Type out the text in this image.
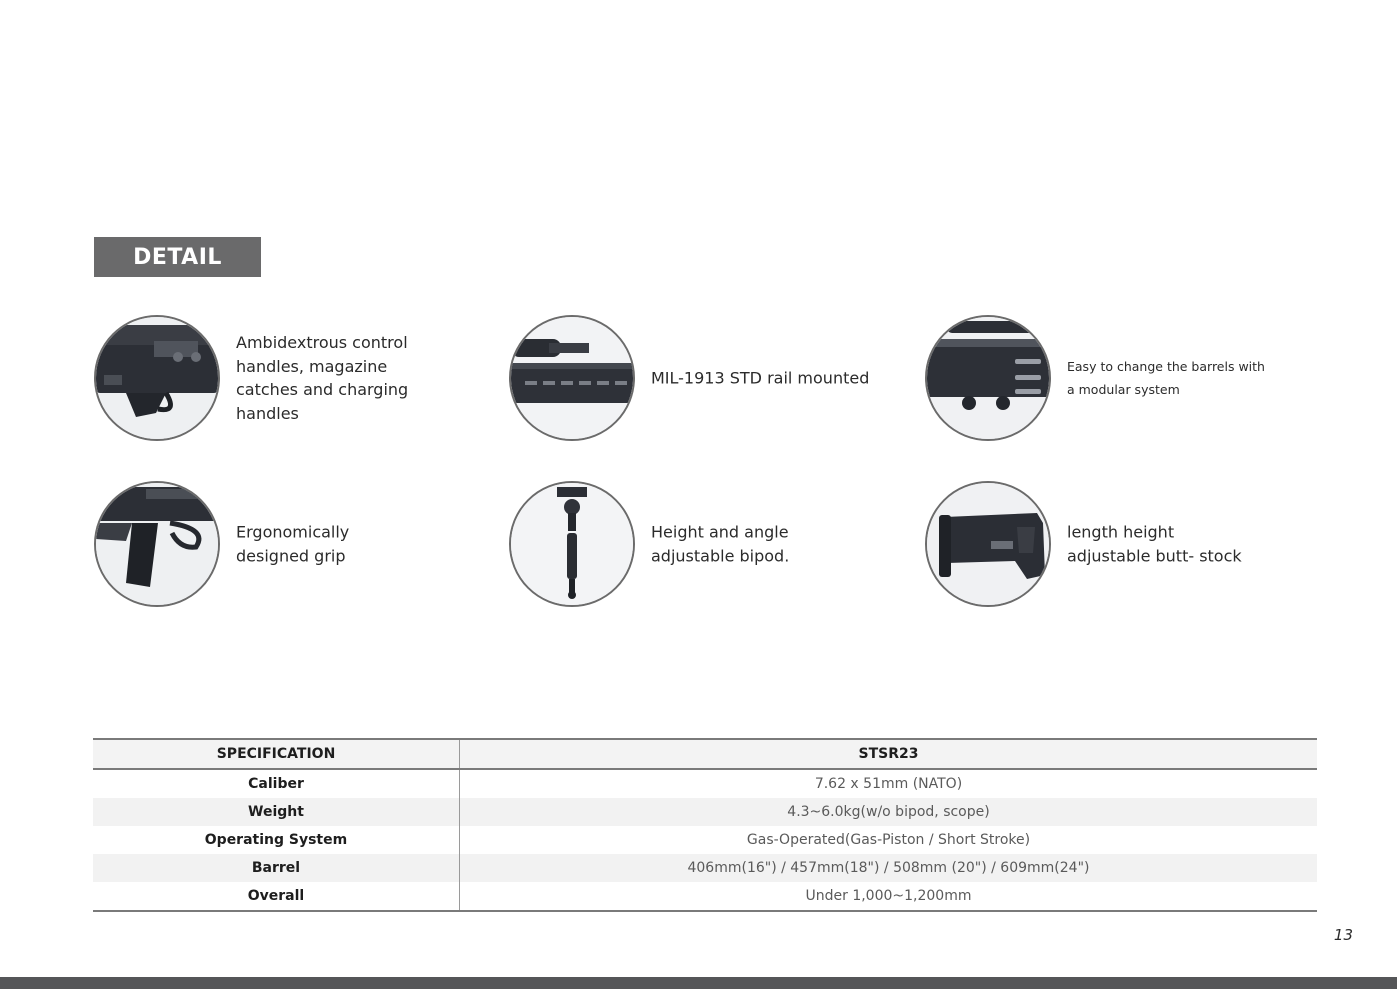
DETAIL
Ambidextrous control
handles, magazine
catches and charging
handles
MIL-1913 STD rail mounted
Easy to change the barrels with
a modular system
Ergonomically
designed grip
Height and angle
adjustable bipod.
length height
adjustable butt- stock
SPECIFICATION	STSR23
Caliber	7.62 x 51mm (NATO)
Weight	4.3~6.0kg(w/o bipod, scope)
Operating System	Gas-Operated(Gas-Piston / Short Stroke)
Barrel	406mm(16") / 457mm(18") / 508mm (20") / 609mm(24")
Overall	Under 1,000~1,200mm
13
